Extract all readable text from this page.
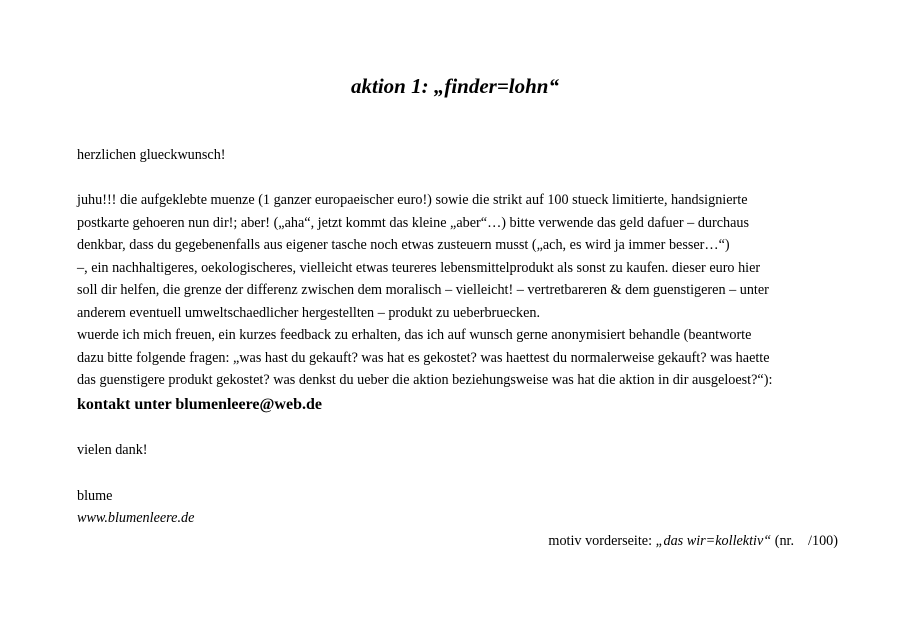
aktion 1: „finder=lohn“

herzlichen glueckwunsch!

juhu!!! die aufgeklebte muenze (1 ganzer europaeischer euro!) sowie die strikt auf 100 stueck limitierte, handsignierte
postkarte gehoeren nun dir!; aber! („aha“, jetzt kommt das kleine „aber“…) bitte verwende das geld dafuer – durchaus
denkbar, dass du gegebenenfalls aus eigener tasche noch etwas zusteuern musst („ach, es wird ja immer besser…“)
–, ein nachhaltigeres, oekologischeres, vielleicht etwas teureres lebensmittelprodukt als sonst zu kaufen. dieser euro hier
soll dir helfen, die grenze der differenz zwischen dem moralisch – vielleicht! – vertretbareren & dem guenstigeren – unter
anderem eventuell umweltschaedlicher hergestellten – produkt zu ueberbruecken.
wuerde ich mich freuen, ein kurzes feedback zu erhalten, das ich auf wunsch gerne anonymisiert behandle (beantworte
dazu bitte folgende fragen: „was hast du gekauft? was hat es gekostet? was haettest du normalerweise gekauft? was haette
das guenstigere produkt gekostet? was denkst du ueber die aktion beziehungsweise was hat die aktion in dir ausgeloest?“):

kontakt unter blumenleere@web.de

vielen dank!

blume

www.blumenleere.de

motiv vorderseite: „das wir=kollektiv“ (nr. /100)
